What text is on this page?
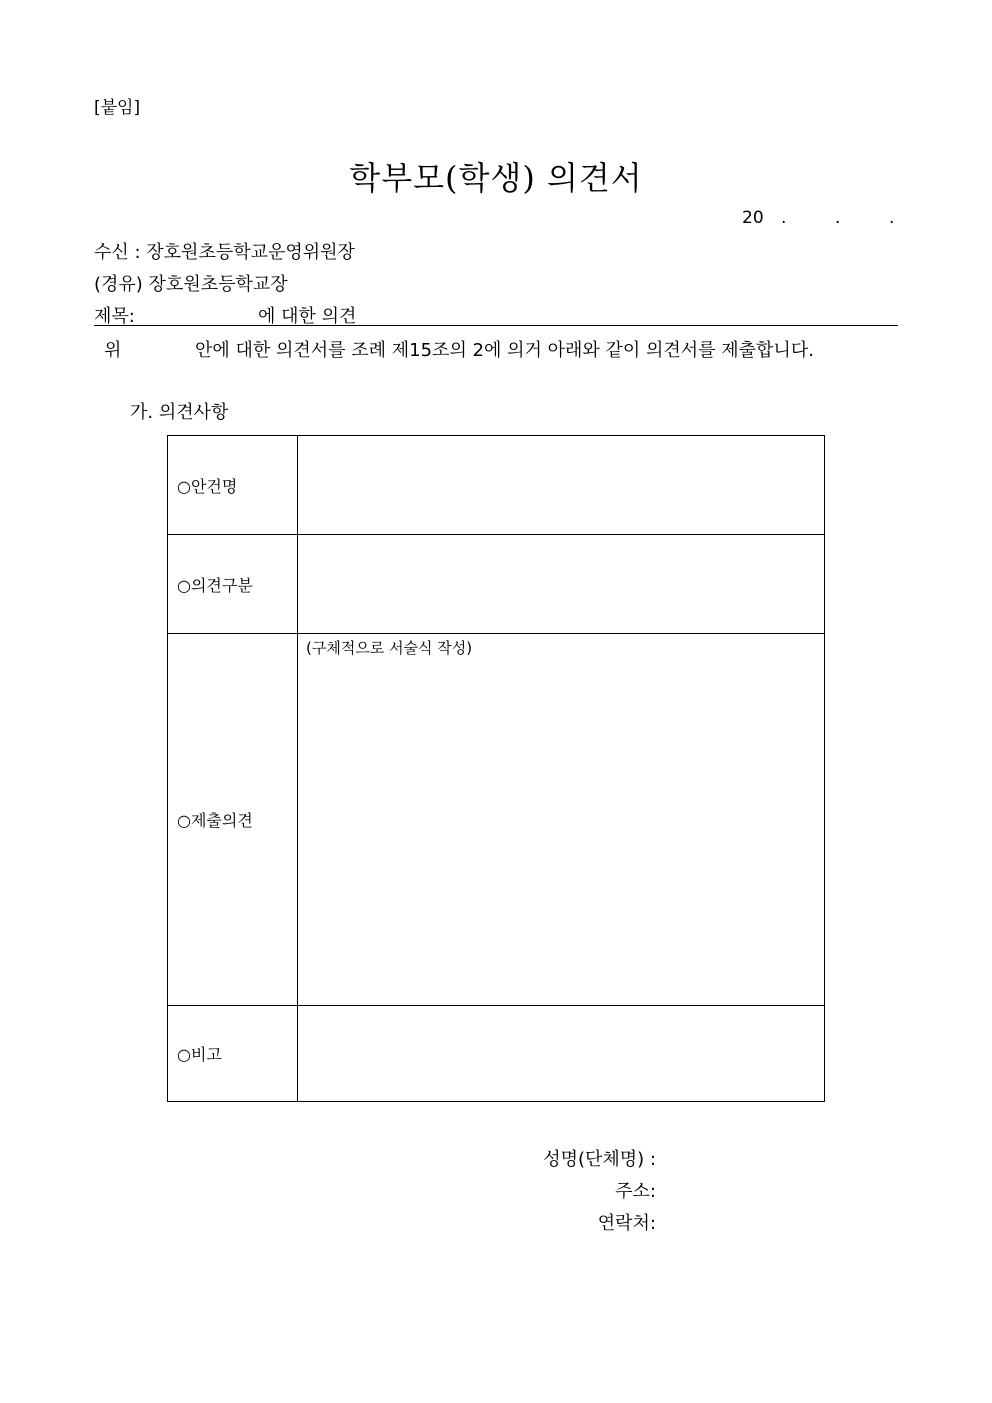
[붙임]
학부모(학생) 의견서
20 .	.	.
수신 : 장호원초등학교운영위원장
(경유) 장호원초등학교장
제목:	에 대한 의견
위	안에 대한 의견서를 조례 제15조의 2에 의거 아래와 같이 의견서를 제출합니다.
가. 의견사항
○안건명	
○의견구분	
○제출의견	(구체적으로 서술식 작성)

○비고	
성명(단체명) :
주소:
연락처:
